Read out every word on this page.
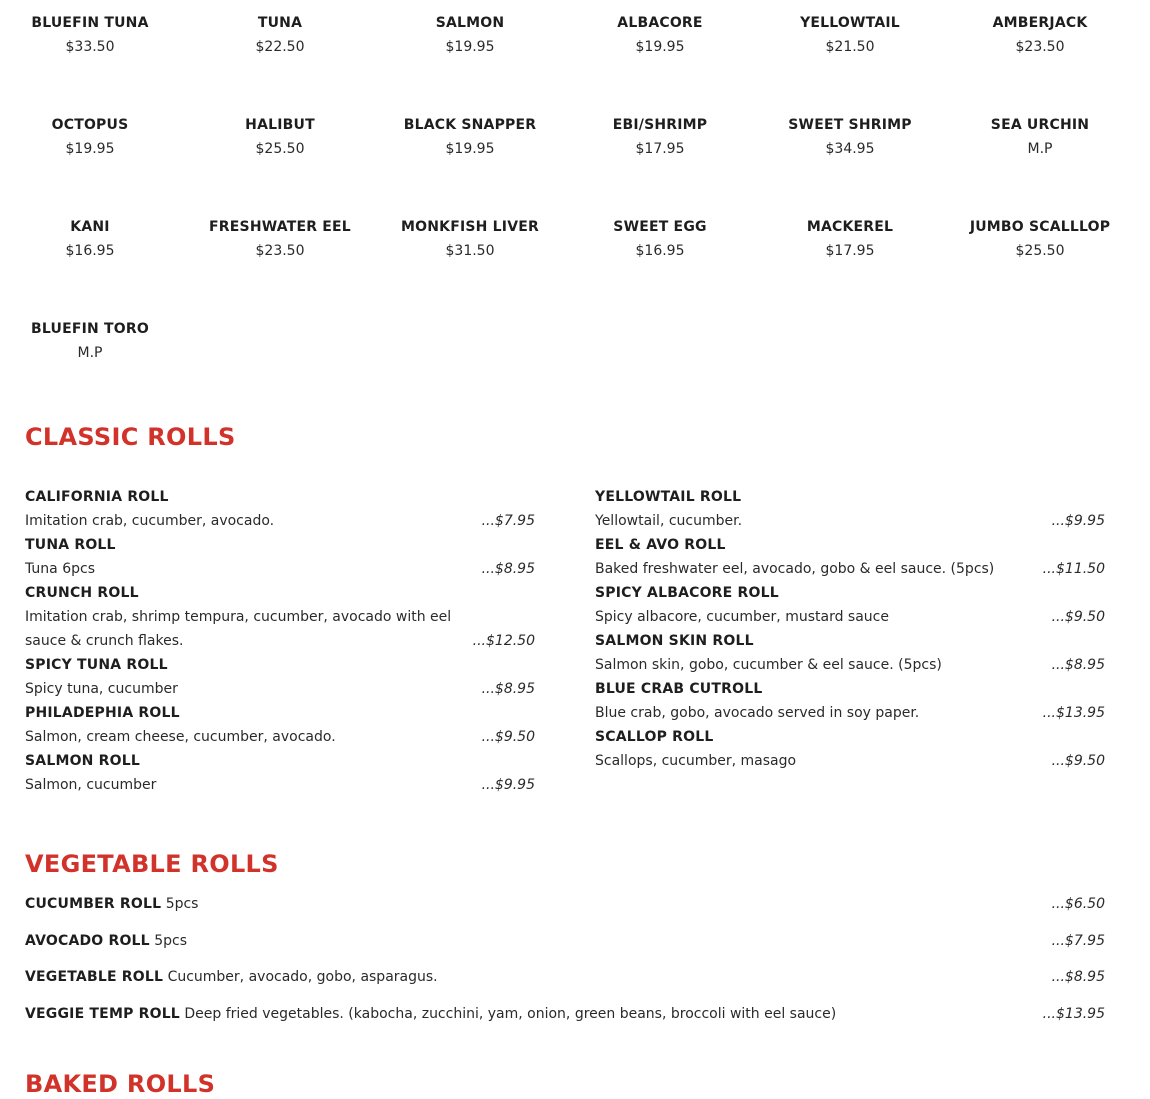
BLUEFIN TUNA
$33.50
TUNA
$22.50
SALMON
$19.95
ALBACORE
$19.95
YELLOWTAIL
$21.50
AMBERJACK
$23.50
OCTOPUS
$19.95
HALIBUT
$25.50
BLACK SNAPPER
$19.95
EBI/SHRIMP
$17.95
SWEET SHRIMP
$34.95
SEA URCHIN
M.P
KANI
$16.95
FRESHWATER EEL
$23.50
MONKFISH LIVER
$31.50
SWEET EGG
$16.95
MACKEREL
$17.95
JUMBO SCALLLOP
$25.50
BLUEFIN TORO
M.P
CLASSIC ROLLS
CALIFORNIA ROLL
Imitation crab, cucumber, avocado.	...$7.95
TUNA ROLL
Tuna 6pcs	...$8.95
CRUNCH ROLL
Imitation crab, shrimp tempura, cucumber, avocado with eel sauce & crunch flakes.	...$12.50
SPICY TUNA ROLL
Spicy tuna, cucumber	...$8.95
PHILADEPHIA ROLL
Salmon, cream cheese, cucumber, avocado.	...$9.50
SALMON ROLL
Salmon, cucumber	...$9.95
YELLOWTAIL ROLL
Yellowtail, cucumber.	...$9.95
EEL & AVO ROLL
Baked freshwater eel, avocado, gobo & eel sauce. (5pcs)	...$11.50
SPICY ALBACORE ROLL
Spicy albacore, cucumber, mustard sauce	...$9.50
SALMON SKIN ROLL
Salmon skin, gobo, cucumber & eel sauce. (5pcs)	...$8.95
BLUE CRAB CUTROLL
Blue crab, gobo, avocado served in soy paper.	...$13.95
SCALLOP ROLL
Scallops, cucumber, masago	...$9.50
VEGETABLE ROLLS
CUCUMBER ROLL 5pcs	...$6.50
AVOCADO ROLL 5pcs	...$7.95
VEGETABLE ROLL Cucumber, avocado, gobo, asparagus.	...$8.95
VEGGIE TEMP ROLL Deep fried vegetables. (kabocha, zucchini, yam, onion, green beans, broccoli with eel sauce)	...$13.95
BAKED ROLLS
